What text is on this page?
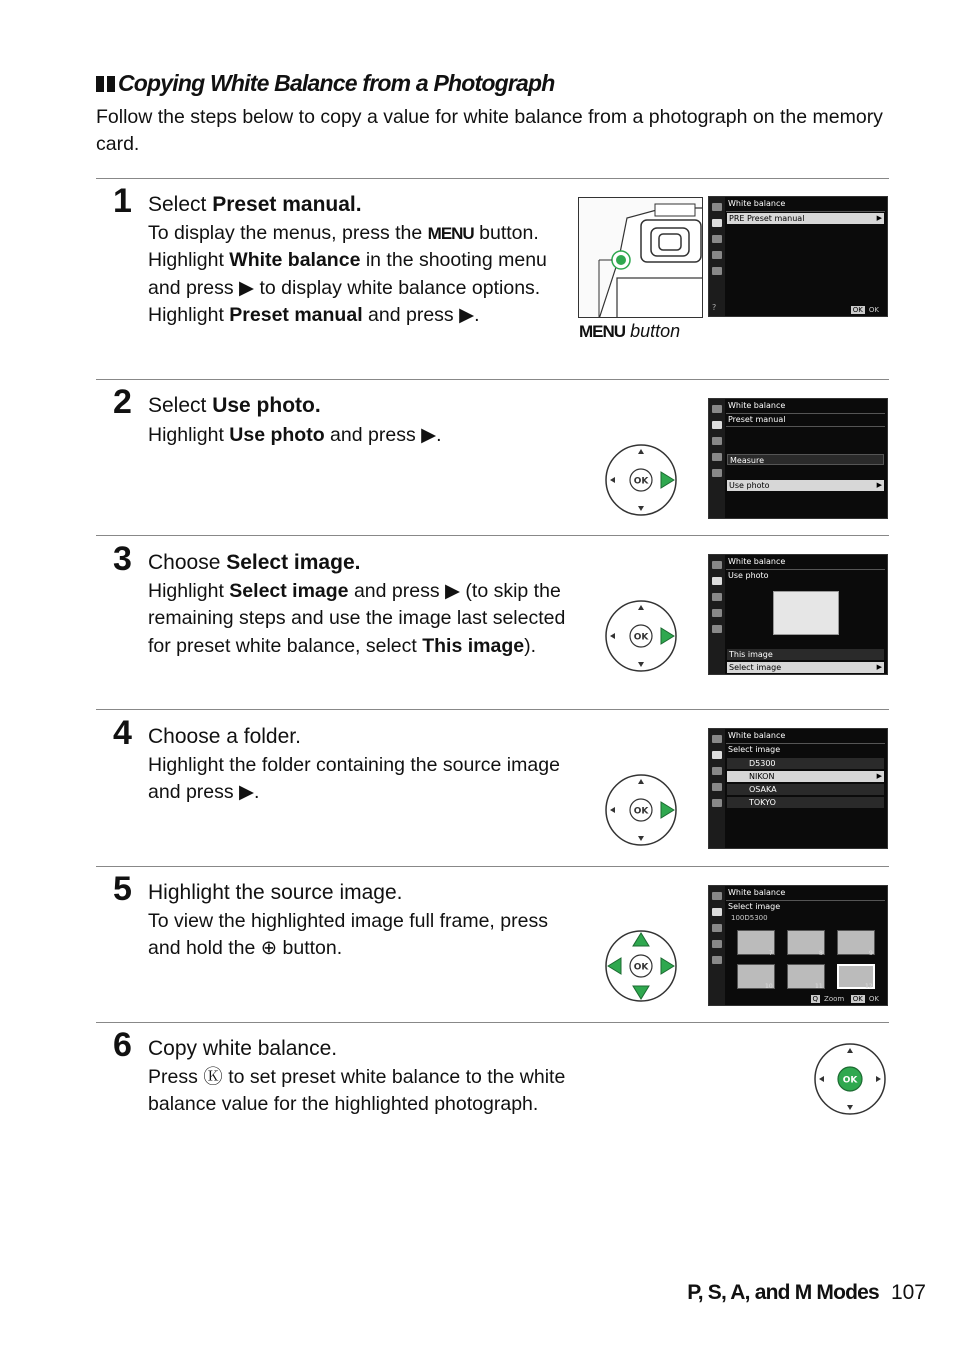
Copying White Balance from a Photograph
Follow the steps below to copy a value for white balance from a photograph on the memory card.
1 Select Preset manual.
To display the menus, press the MENU button. Highlight White balance in the shooting menu and press ▶ to display white balance options. Highlight Preset manual and press ▶.
MENU button
White balance
PRE Preset manual	▶
?	OK OK
2 Select Use photo.
Highlight Use photo and press ▶.
OK
White balance
Preset manual
Measure
Use photo	▶
3 Choose Select image.
Highlight Select image and press ▶ (to skip the remaining steps and use the image last selected for preset white balance, select This image).	OK
White balance
Use photo
This image
Select image	▶
4 Choose a folder.
Highlight the folder containing the source image and press ▶.
OK
White balance
Select image
D5300
NIKON	▶
OSAKA
TOKYO
5 Highlight the source image.
To view the highlighted image full frame, press and hold the ⊕ button.
OK
White balance
Select image
100D5300
7	8	9
10	11	12
Q Zoom OK OK
6 Copy white balance.
Press Ⓚ to set preset white balance to the white balance value for the highlighted photograph.
OK
P, S, A, and M Modes 107
